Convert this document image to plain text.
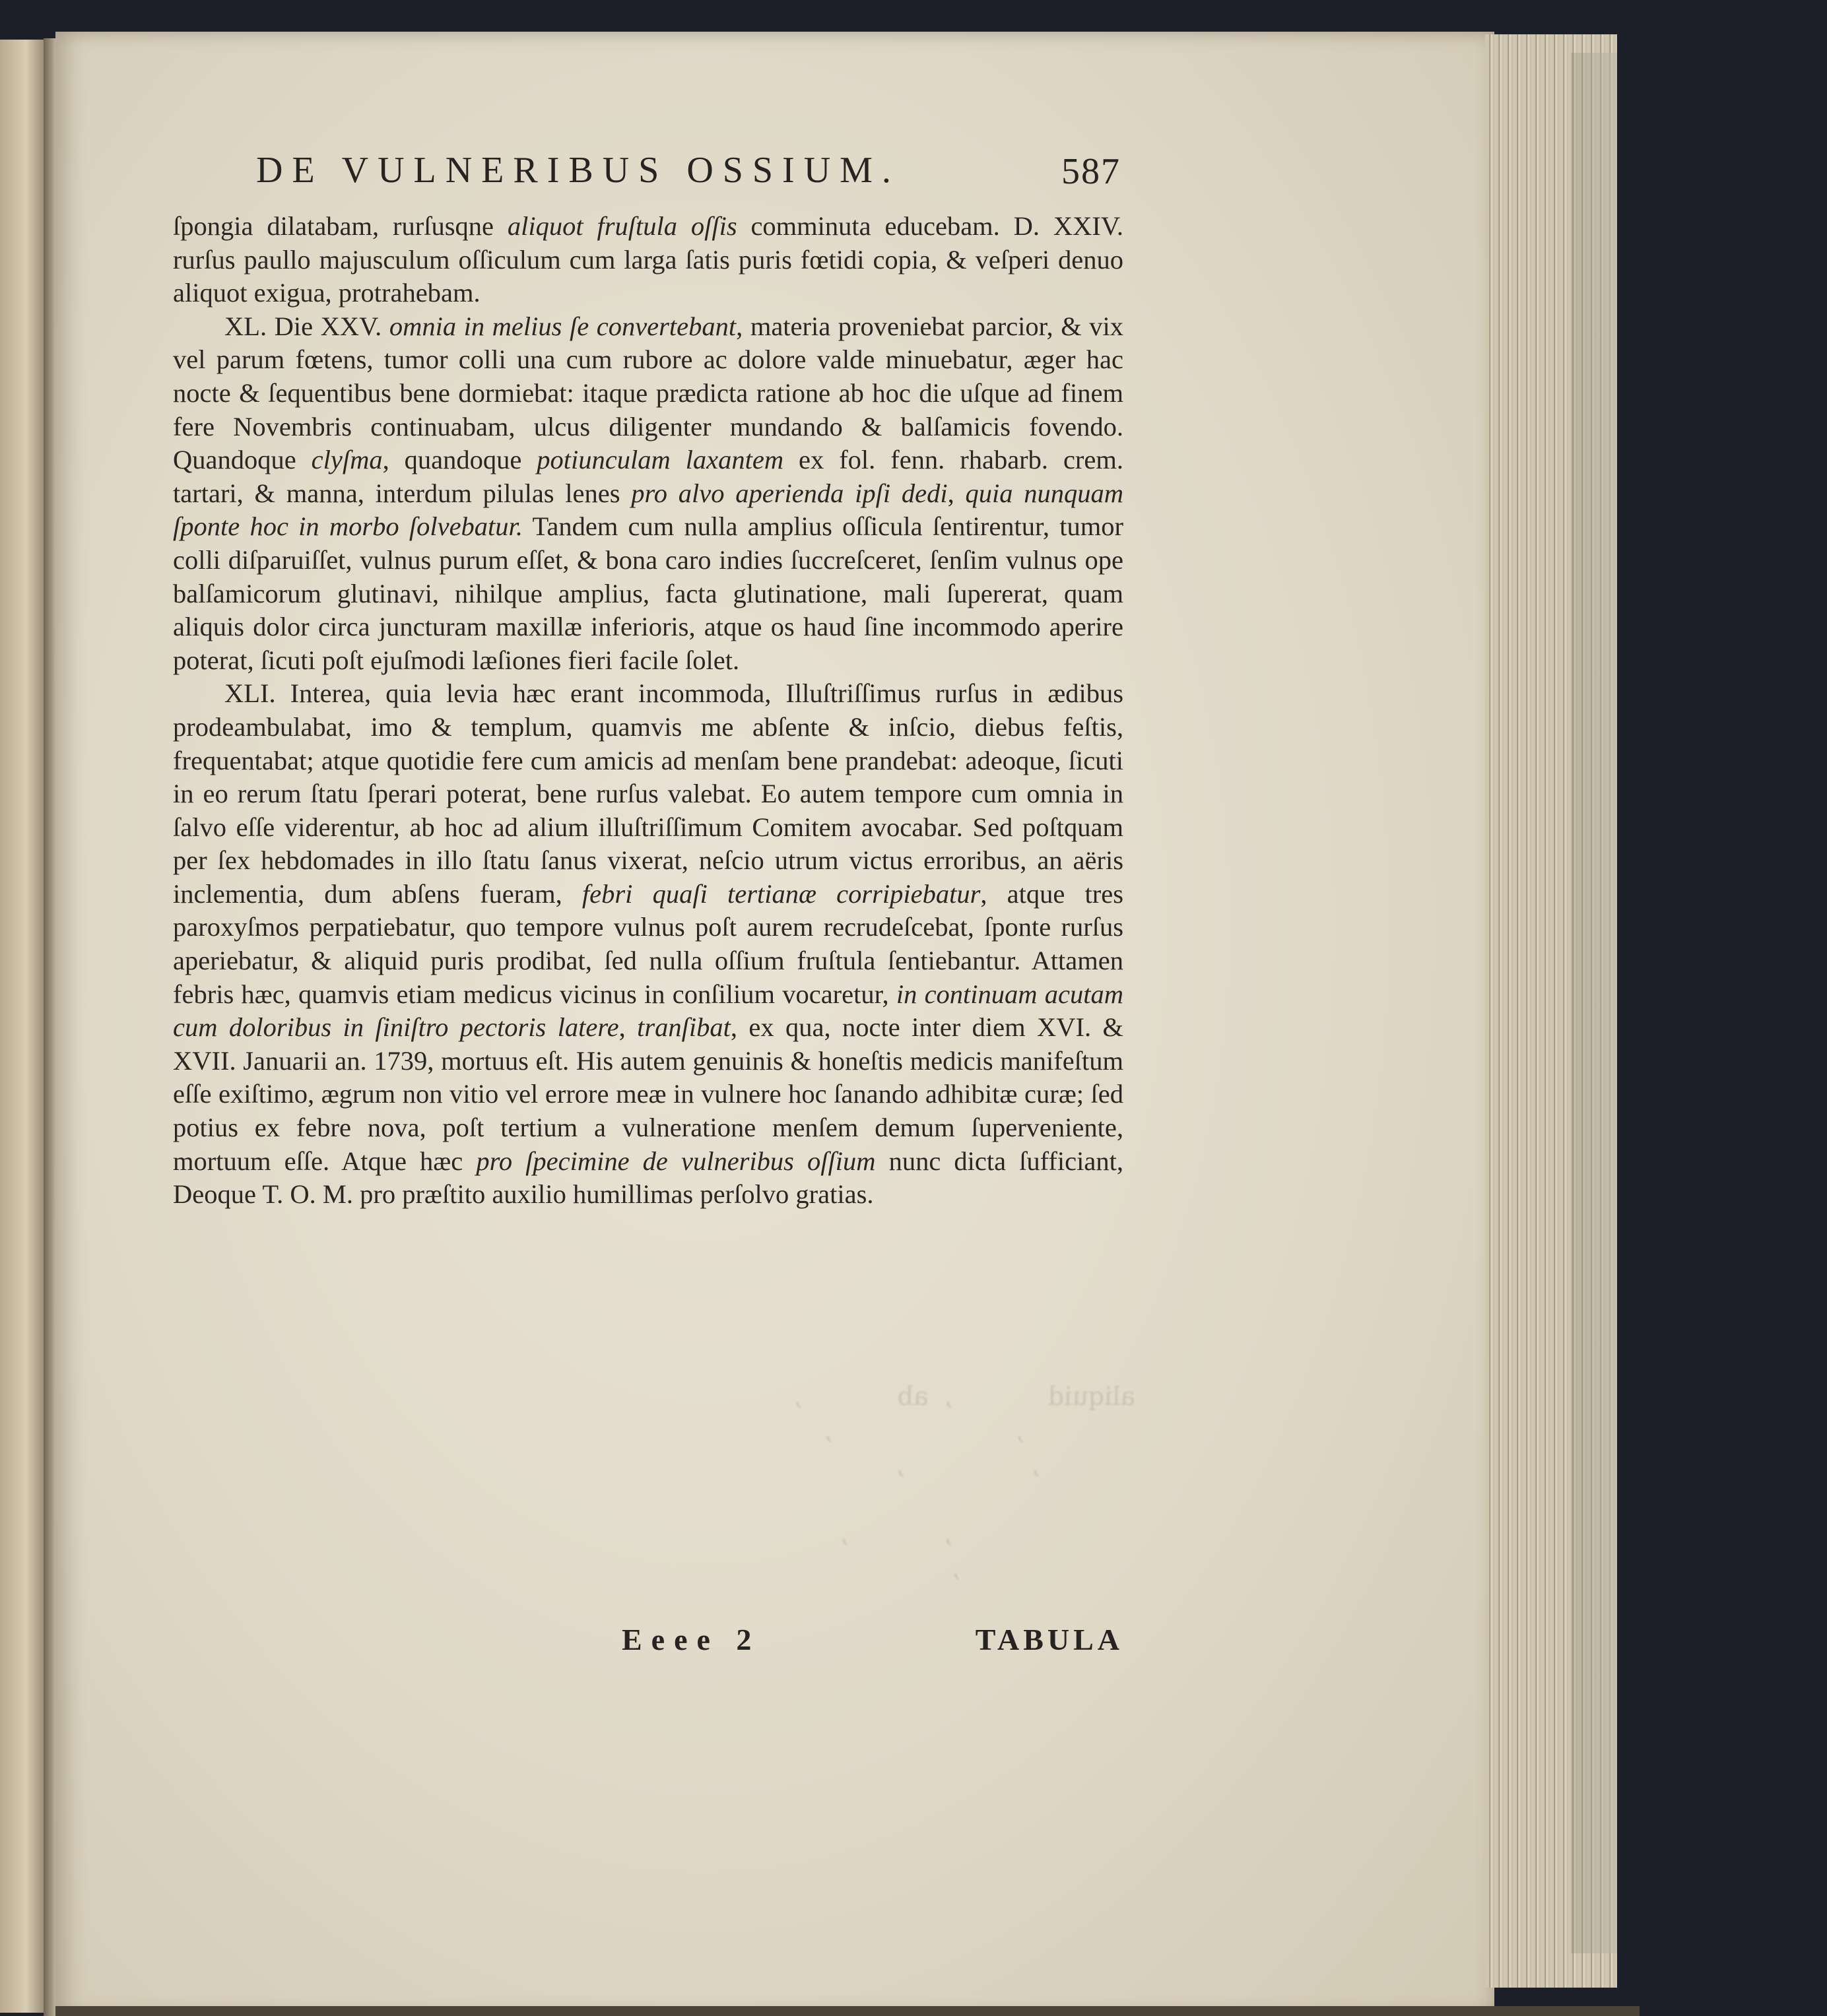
aliquid            ,  ab            ,
,                       ,
,                ,

,            ,
,

DE VULNERIBUS OSSIUM.	587

ſpongia dilatabam, rurſusqne aliquot fruſtula oſſis comminuta educebam. D. XXIV. rurſus paullo majusculum oſſiculum cum larga ſatis puris fœtidi copia, & veſperi denuo aliquot exigua, protrahebam.

XL. Die XXV. omnia in melius ſe convertebant, materia proveniebat parcior, & vix vel parum fœtens, tumor colli una cum rubore ac dolore valde minuebatur, æger hac nocte & ſequentibus bene dormiebat: itaque prædicta ratione ab hoc die uſque ad finem fere Novembris continuabam, ulcus diligenter mundando & balſamicis fovendo. Quandoque clyſma, quandoque potiunculam laxantem ex fol. fenn. rhabarb. crem. tartari, & manna, interdum pilulas lenes pro alvo aperienda ipſi dedi, quia nunquam ſponte hoc in morbo ſolvebatur. Tandem cum nulla amplius oſſicula ſentirentur, tumor colli diſparuiſſet, vulnus purum eſſet, & bona caro indies ſuccreſceret, ſenſim vulnus ope balſamicorum glutinavi, nihilque amplius, facta glutinatione, mali ſupererat, quam aliquis dolor circa juncturam maxillæ inferioris, atque os haud ſine incommodo aperire poterat, ſicuti poſt ejuſmodi læſiones fieri facile ſolet.

XLI. Interea, quia levia hæc erant incommoda, Illuſtriſſimus rurſus in ædibus prodeambulabat, imo & templum, quamvis me abſente & inſcio, diebus feſtis, frequentabat; atque quotidie fere cum amicis ad menſam bene prandebat: adeoque, ſicuti in eo rerum ſtatu ſperari poterat, bene rurſus valebat. Eo autem tempore cum omnia in ſalvo eſſe viderentur, ab hoc ad alium illuſtriſſimum Comitem avocabar. Sed poſtquam per ſex hebdomades in illo ſtatu ſanus vixerat, neſcio utrum victus erroribus, an aëris inclementia, dum abſens fueram, febri quaſi tertianæ corripiebatur, atque tres paroxyſmos perpatiebatur, quo tempore vulnus poſt aurem recrudeſcebat, ſponte rurſus aperiebatur, & aliquid puris prodibat, ſed nulla oſſium fruſtula ſentiebantur. Attamen febris hæc, quamvis etiam medicus vicinus in conſilium vocaretur, in continuam acutam cum doloribus in ſiniſtro pectoris latere, tranſibat, ex qua, nocte inter diem XVI. & XVII. Januarii an. 1739, mortuus eſt. His autem genuinis & honeſtis medicis manifeſtum eſſe exiſtimo, ægrum non vitio vel errore meæ in vulnere hoc ſanando adhibitæ curæ; ſed potius ex febre nova, poſt tertium a vulneratione menſem demum ſuperveniente, mortuum eſſe. Atque hæc pro ſpecimine de vulneribus oſſium nunc dicta ſufficiant, Deoque T. O. M. pro præſtito auxilio humillimas perſolvo gratias.

Eeee 2	TABULA
